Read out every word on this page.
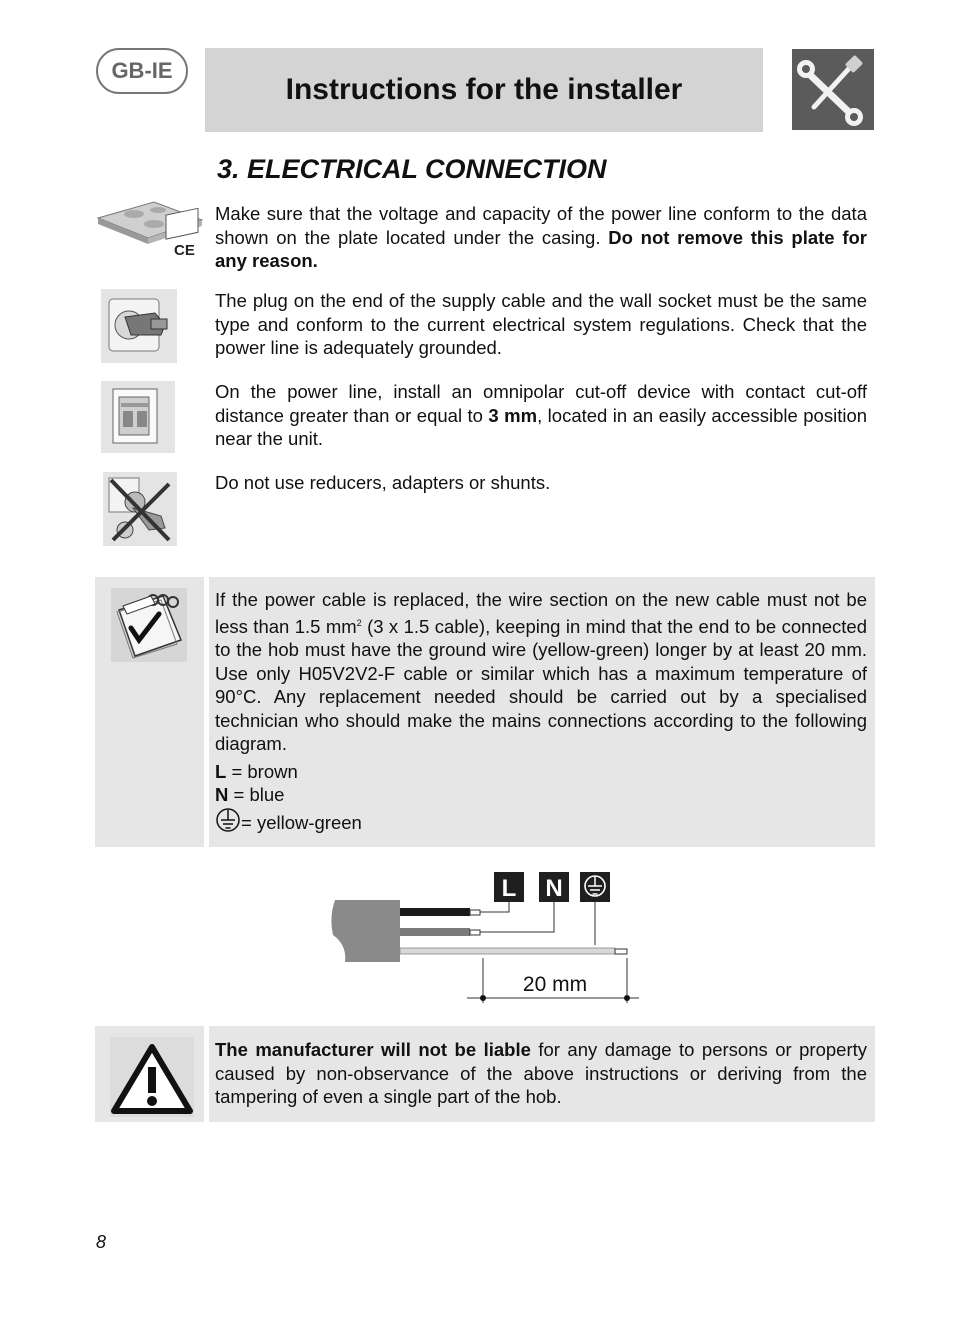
GB-IE
Instructions for the installer
3. ELECTRICAL CONNECTION
CE

Make sure that the voltage and capacity of the power line conform to the data shown on the plate located under the casing. Do not remove this plate for any reason.

The plug on the end of the supply cable and the wall socket must be the same type and conform to the current electrical system regulations. Check that the power line is adequately grounded.

On the power line, install an omnipolar cut-off device with contact cut-off distance greater than or equal to 3 mm, located in an easily accessible position near the unit.

Do not use reducers, adapters or shunts.

If the power cable is replaced, the wire section on the new cable must not be less than 1.5 $mm^2$ (3 x 1.5 cable), keeping in mind that the end to be connected to the hob must have the ground wire (yellow-green) longer by at least 20 mm. Use only H05V2V2-F cable or similar which has a maximum temperature of 90°C. Any replacement needed should be carried out by a specialised technician who should make the mains connections according to the following diagram.

L = brown
N = blue
= yellow-green
L N
20 mm

The manufacturer will not be liable for any damage to persons or property caused by non-observance of the above instructions or deriving from the tampering of even a single part of the hob.

8
